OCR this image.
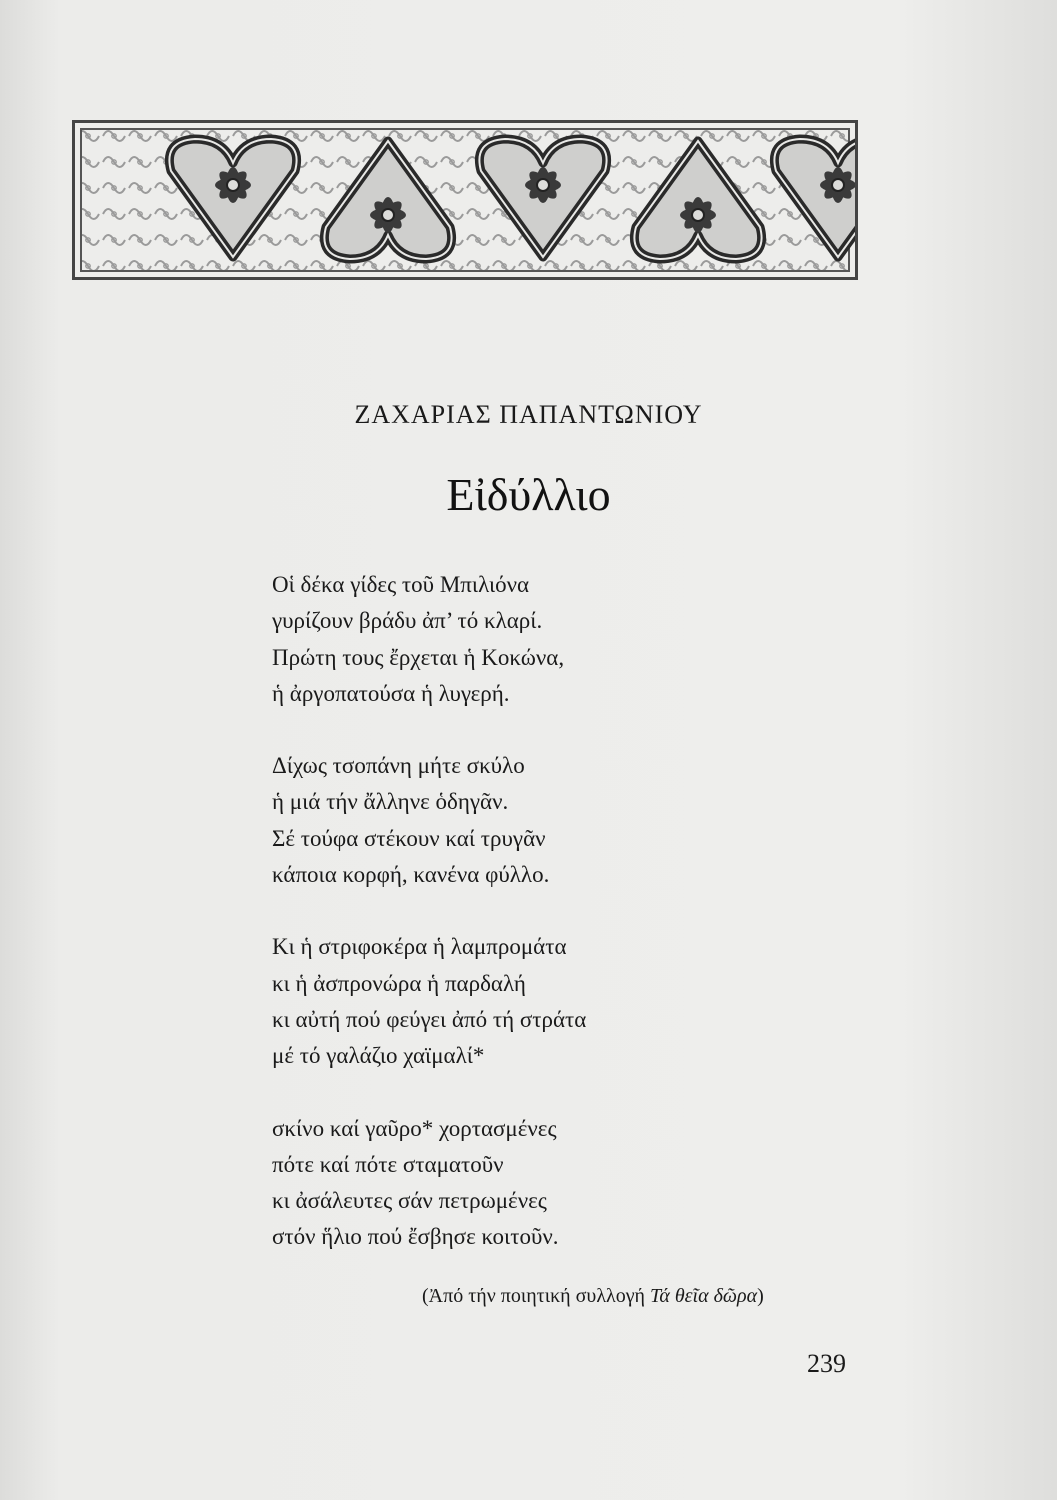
ΖΑΧΑΡΙΑΣ ΠΑΠΑΝΤΩΝΙΟΥ
Εἰδύλλιο
Οἱ δέκα γίδες τοῦ Μπιλιόνα
γυρίζουν βράδυ ἀπ’ τό κλαρί.
Πρώτη τους ἔρχεται ἡ Κοκώνα,
ἡ ἀργοπατούσα ἡ λυγερή.
Δίχως τσοπάνη μήτε σκύλο
ἡ μιά τήν ἄλληνε ὁδηγᾶν.
Σέ τούφα στέκουν καί τρυγᾶν
κάποια κορφή, κανένα φύλλο.
Κι ἡ στριφοκέρα ἡ λαμπρομάτα
κι ἡ ἀσπρονώρα ἡ παρδαλή
κι αὐτή πού φεύγει ἀπό τή στράτα
μέ τό γαλάζιο χαϊμαλί*
σκίνο καί γαῦρο* χορτασμένες
πότε καί πότε σταματοῦν
κι ἀσάλευτες σάν πετρωμένες
στόν ἥλιο πού ἔσβησε κοιτοῦν.
(Ἀπό τήν ποιητική συλλογή Τά θεῖα δῶρα)
239
